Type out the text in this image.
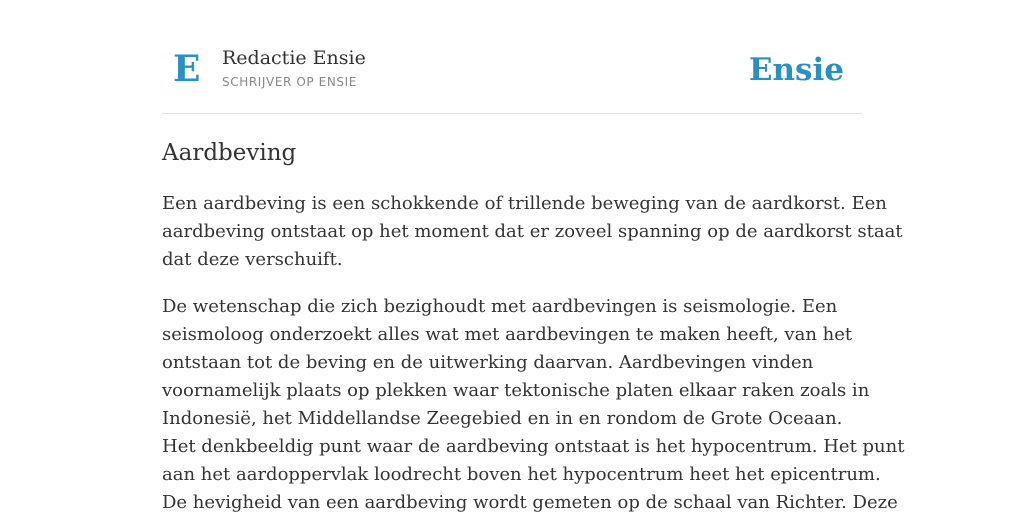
E Redactie Ensie
SCHRIJVER OP ENSIE	Ensie
Aardbeving

Een aardbeving is een schokkende of trillende beweging van de aardkorst. Een
aardbeving ontstaat op het moment dat er zoveel spanning op de aardkorst staat
dat deze verschuift.

De wetenschap die zich bezighoudt met aardbevingen is seismologie. Een
seismoloog onderzoekt alles wat met aardbevingen te maken heeft, van het
ontstaan tot de beving en de uitwerking daarvan. Aardbevingen vinden
voornamelijk plaats op plekken waar tektonische platen elkaar raken zoals in
Indonesië, het Middellandse Zeegebied en in en rondom de Grote Oceaan.
Het denkbeeldig punt waar de aardbeving ontstaat is het hypocentrum. Het punt
aan het aardoppervlak loodrecht boven het hypocentrum heet het epicentrum.
De hevigheid van een aardbeving wordt gemeten op de schaal van Richter. Deze
